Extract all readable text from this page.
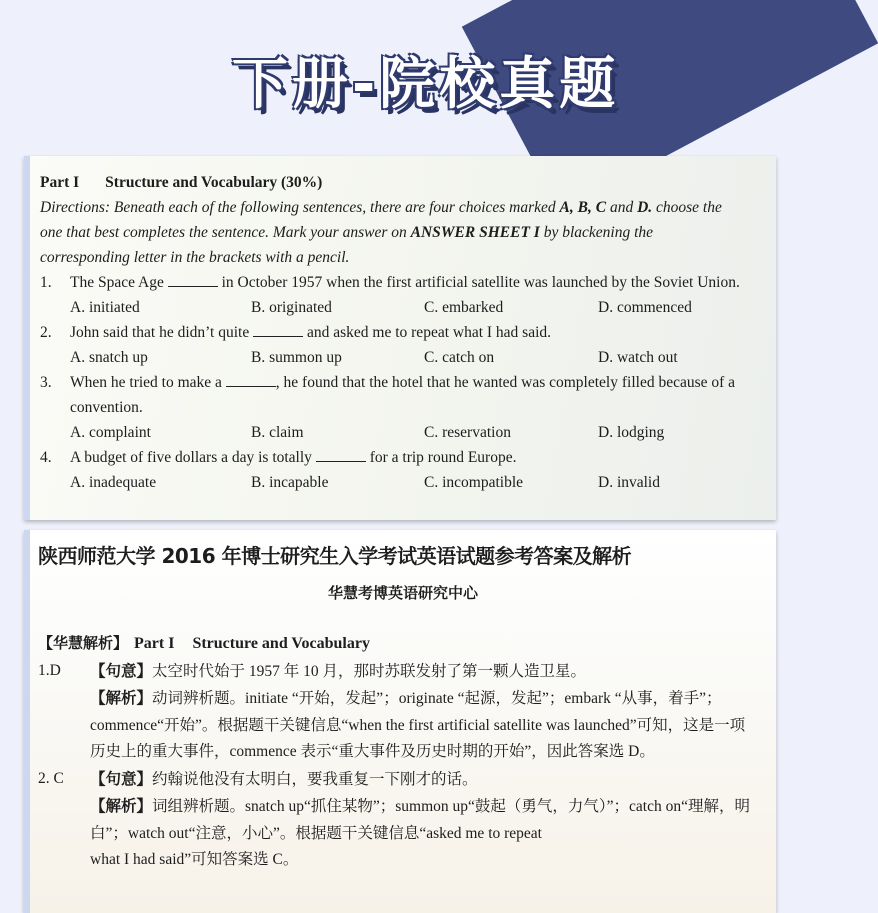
下册-院校真题
Part I Structure and Vocabulary (30%)
Directions: Beneath each of the following sentences, there are four choices marked A, B, C and D. choose the one that best completes the sentence. Mark your answer on ANSWER SHEET I by blackening the corresponding letter in the brackets with a pencil.
1. The Space Age	in October 1957 when the first artificial satellite was launched by the Soviet Union.
A. initiated	B. originated	C. embarked	D. commenced
2. John said that he didn’t quite	and asked me to repeat what I had said.
A. snatch up	B. summon up	C. catch on	D. watch out
3. When he tried to make a	, he found that the hotel that he wanted was completely filled because of a convention.
A. complaint	B. claim	C. reservation	D. lodging
4. A budget of five dollars a day is totally	for a trip round Europe.
A. inadequate	B. incapable	C. incompatible	D. invalid
陕西师范大学 2016 年博士研究生入学考试英语试题参考答案及解析
华慧考博英语研究中心
【华慧解析】 Part I Structure and Vocabulary
1.D 【句意】太空时代始于 1957 年 10 月，那时苏联发射了第一颗人造卫星。
【解析】动词辨析题。initiate “开始，发起”；originate “起源，发起”；embark “从事，着手”；commence“开始”。根据题干关键信息“when the first artificial satellite was launched”可知，这是一项历史上的重大事件，commence 表示“重大事件及历史时期的开始”，因此答案选 D。
2. C 【句意】约翰说他没有太明白，要我重复一下刚才的话。
【解析】词组辨析题。snatch up“抓住某物”；summon up“鼓起（勇气，力气）”；catch on“理解，明白”；watch out“注意，小心”。根据题干关键信息“asked me to repeat
what I had said”可知答案选 C。
